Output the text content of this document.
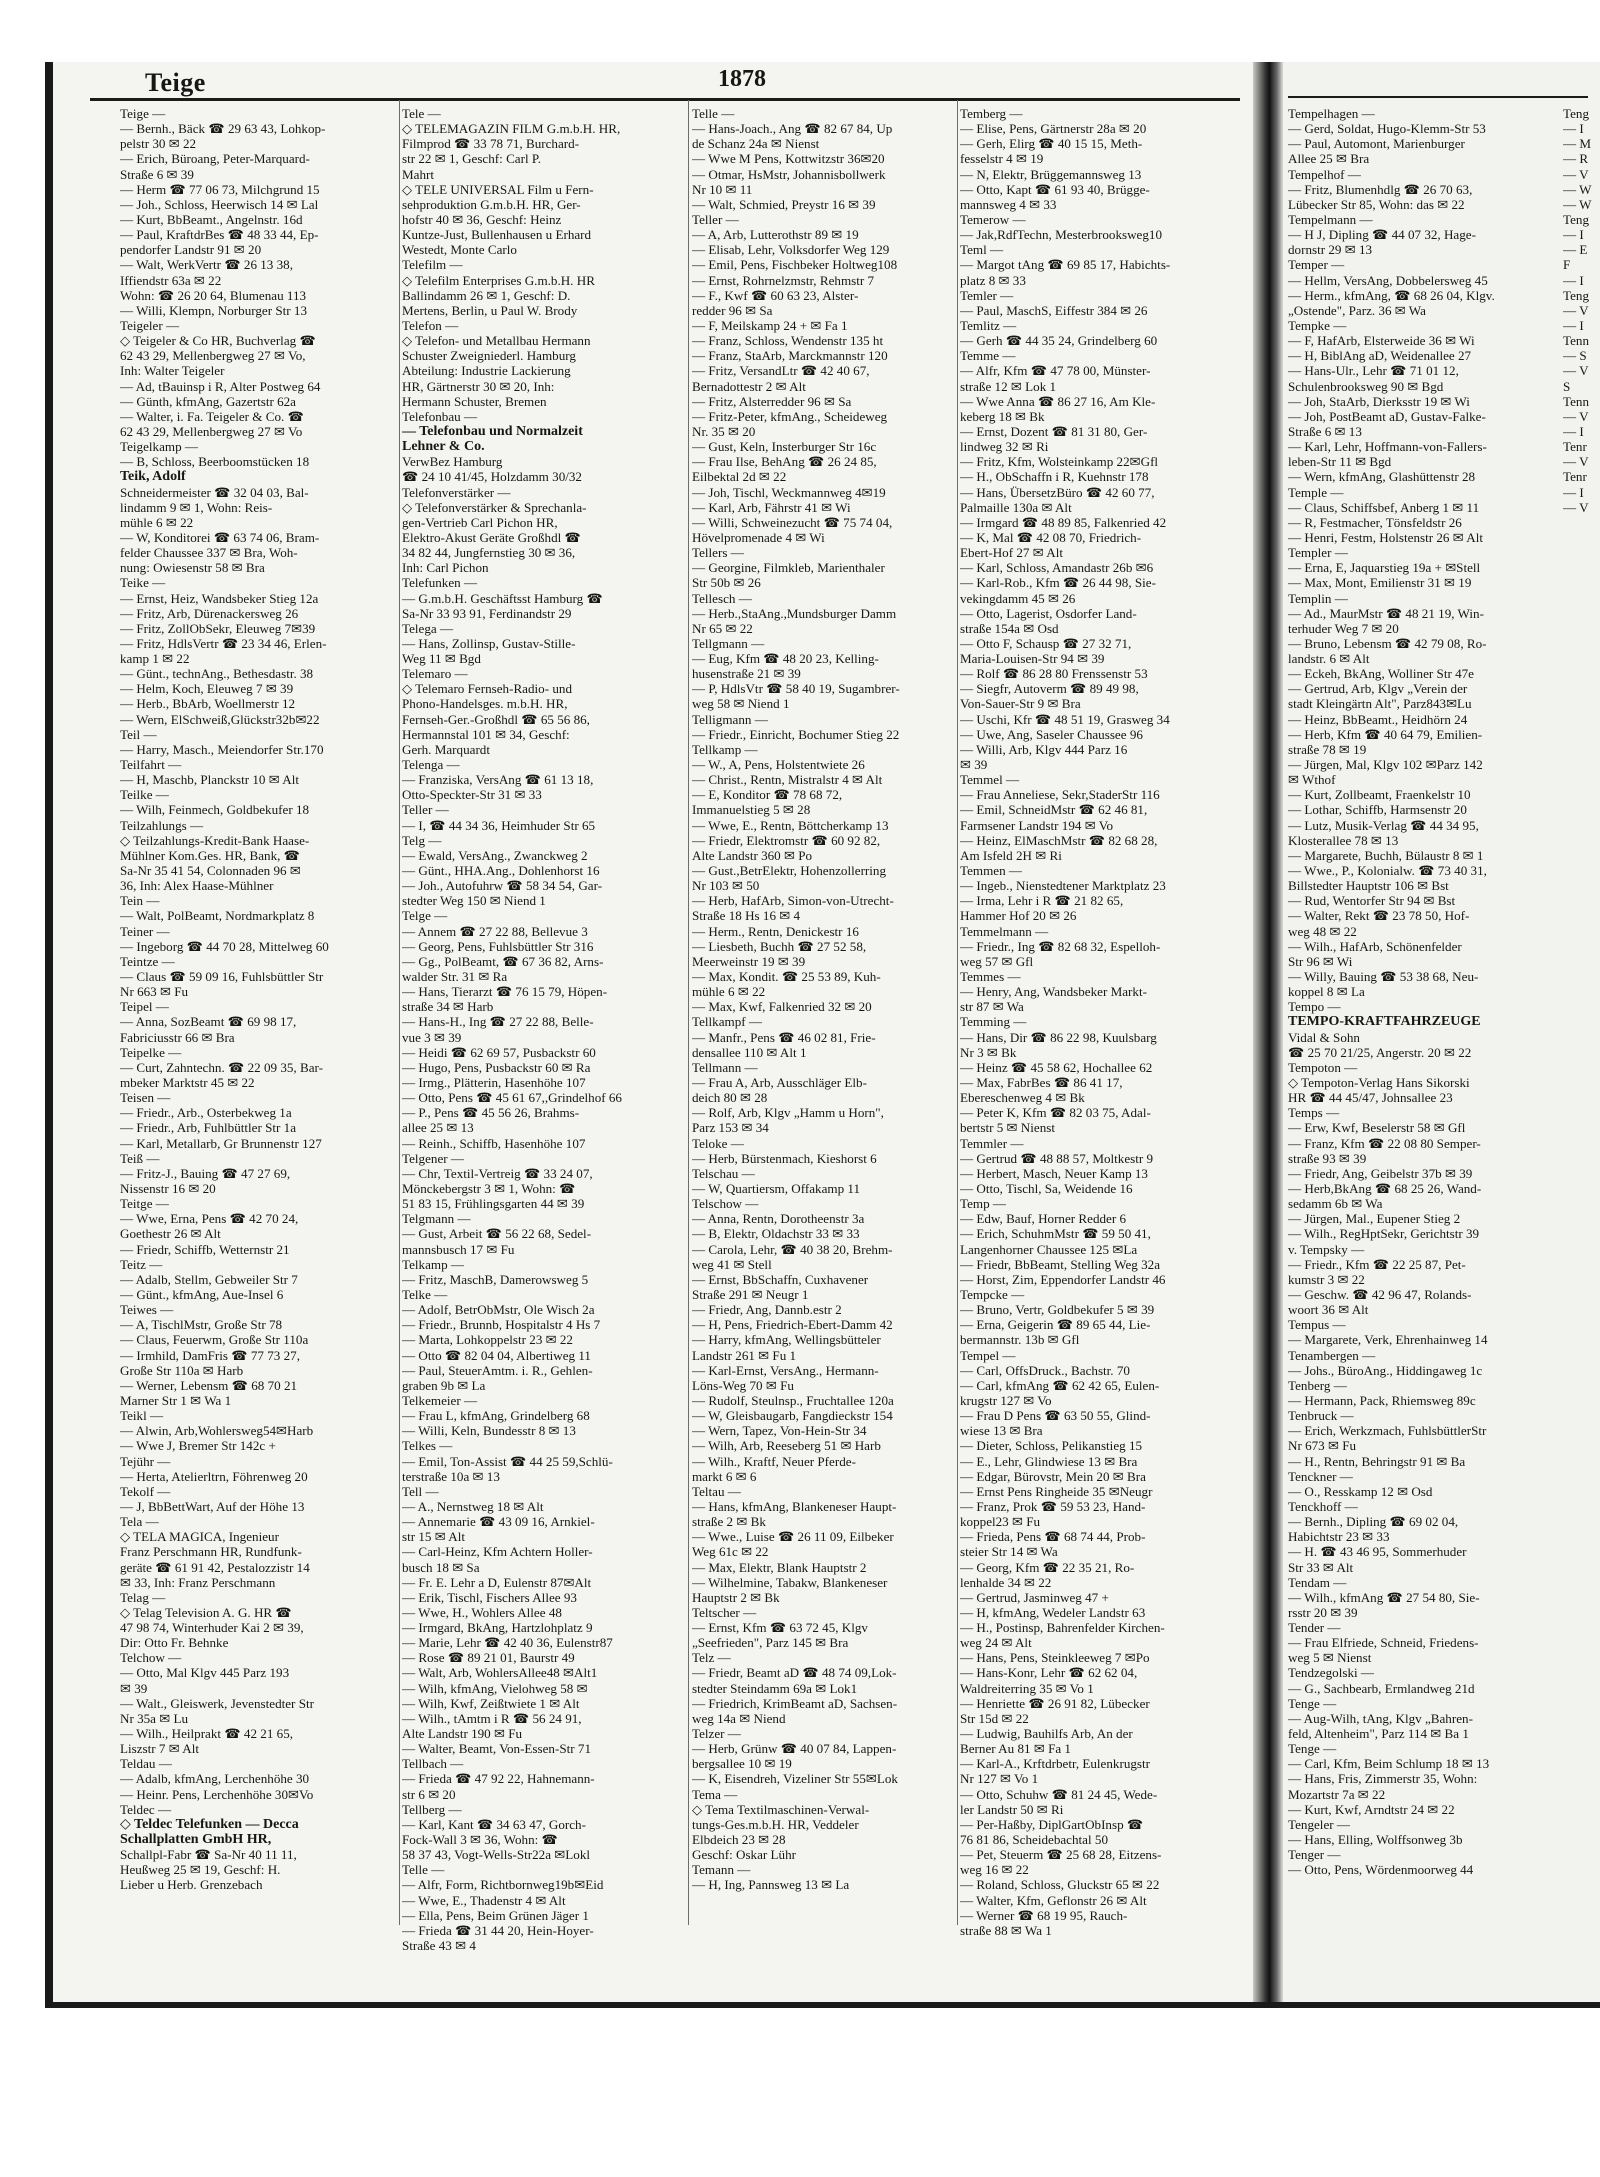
Teige	1878
Teige —
— Bernh., Bäck ☎ 29 63 43, Lohkop-
pelstr 30 ✉ 22
— Erich, Büroang, Peter-Marquard-
Straße 6 ✉ 39
— Herm ☎ 77 06 73, Milchgrund 15
— Joh., Schloss, Heerwisch 14 ✉ Lal
— Kurt, BbBeamt., Angelnstr. 16d
— Paul, KraftdrBes ☎ 48 33 44, Ep-
pendorfer Landstr 91 ✉ 20
— Walt, WerkVertr ☎ 26 13 38,
Iffiendstr 63a ✉ 22
Wohn: ☎ 26 20 64, Blumenau 113
— Willi, Klempn, Norburger Str 13
Teigeler —
◇ Teigeler & Co HR, Buchverlag ☎
62 43 29, Mellenbergweg 27 ✉ Vo,
Inh: Walter Teigeler
— Ad, tBauinsp i R, Alter Postweg 64
— Günth, kfmAng, Gazertstr 62a
— Walter, i. Fa. Teigeler & Co. ☎
62 43 29, Mellenbergweg 27 ✉ Vo
Teigelkamp —
— B, Schloss, Beerboomstücken 18
Teik, Adolf
Schneidermeister ☎ 32 04 03, Bal-
lindamm 9 ✉ 1, Wohn: Reis-
mühle 6 ✉ 22
— W, Konditorei ☎ 63 74 06, Bram-
felder Chaussee 337 ✉ Bra, Woh-
nung: Owiesenstr 58 ✉ Bra
Teike —
— Ernst, Heiz, Wandsbeker Stieg 12a
— Fritz, Arb, Dürenackersweg 26
— Fritz, ZollObSekr, Eleuweg 7✉39
— Fritz, HdlsVertr ☎ 23 34 46, Erlen-
kamp 1 ✉ 22
— Günt., technAng., Bethesdastr. 38
— Helm, Koch, Eleuweg 7 ✉ 39
— Herb., BbArb, Woellmerstr 12
— Wern, ElSchweiß,Glückstr32b✉22
Teil —
— Harry, Masch., Meiendorfer Str.170
Teilfahrt —
— H, Maschb, Planckstr 10 ✉ Alt
Teilke —
— Wilh, Feinmech, Goldbekufer 18
Teilzahlungs —
◇ Teilzahlungs-Kredit-Bank Haase-
Mühlner Kom.Ges. HR, Bank, ☎
Sa-Nr 35 41 54, Colonnaden 96 ✉
36, Inh: Alex Haase-Mühlner
Tein —
— Walt, PolBeamt, Nordmarkplatz 8
Teiner —
— Ingeborg ☎ 44 70 28, Mittelweg 60
Teintze —
— Claus ☎ 59 09 16, Fuhlsbüttler Str
Nr 663 ✉ Fu
Teipel —
— Anna, SozBeamt ☎ 69 98 17,
Fabriciusstr 66 ✉ Bra
Teipelke —
— Curt, Zahntechn. ☎ 22 09 35, Bar-
mbeker Marktstr 45 ✉ 22
Teisen —
— Friedr., Arb., Osterbekweg 1a
— Friedr., Arb, Fuhlbüttler Str 1a
— Karl, Metallarb, Gr Brunnenstr 127
Teiß —
— Fritz-J., Bauing ☎ 47 27 69,
Nissenstr 16 ✉ 20
Teitge —
— Wwe, Erna, Pens ☎ 42 70 24,
Goethestr 26 ✉ Alt
— Friedr, Schiffb, Wetternstr 21
Teitz —
— Adalb, Stellm, Gebweiler Str 7
— Günt., kfmAng, Aue-Insel 6
Teiwes —
— A, TischlMstr, Große Str 78
— Claus, Feuerwm, Große Str 110a
— Irmhild, DamFris ☎ 77 73 27,
Große Str 110a ✉ Harb
— Werner, Lebensm ☎ 68 70 21
Marner Str 1 ✉ Wa 1
Teikl —
— Alwin, Arb,Wohlersweg54✉Harb
— Wwe J, Bremer Str 142c +
Tejühr —
— Herta, Atelierltrn, Föhrenweg 20
Tekolf —
— J, BbBettWart, Auf der Höhe 13
Tela —
◇ TELA MAGICA, Ingenieur
Franz Perschmann HR, Rundfunk-
geräte ☎ 61 91 42, Pestalozzistr 14
✉ 33, Inh: Franz Perschmann
Telag —
◇ Telag Television A. G. HR ☎
47 98 74, Winterhuder Kai 2 ✉ 39,
Dir: Otto Fr. Behnke
Telchow —
— Otto, Mal Klgv 445 Parz 193
✉ 39
— Walt., Gleiswerk, Jevenstedter Str
Nr 35a ✉ Lu
— Wilh., Heilprakt ☎ 42 21 65,
Liszstr 7 ✉ Alt
Teldau —
— Adalb, kfmAng, Lerchenhöhe 30
— Heinr. Pens, Lerchenhöhe 30✉Vo
Teldec —
◇ Teldec Telefunken — Decca
Schallplatten GmbH HR,
Schallpl-Fabr ☎ Sa-Nr 40 11 11,
Heußweg 25 ✉ 19, Geschf: H.
Lieber u Herb. Grenzebach
Tele —
◇ TELEMAGAZIN FILM G.m.b.H. HR,
Filmprod ☎ 33 78 71, Burchard-
str 22 ✉ 1, Geschf: Carl P.
Mahrt
◇ TELE UNIVERSAL Film u Fern-
sehproduktion G.m.b.H. HR, Ger-
hofstr 40 ✉ 36, Geschf: Heinz
Kuntze-Just, Bullenhausen u Erhard
Westedt, Monte Carlo
Telefilm —
◇ Telefilm Enterprises G.m.b.H. HR
Ballindamm 26 ✉ 1, Geschf: D.
Mertens, Berlin, u Paul W. Brody
Telefon —
◇ Telefon- und Metallbau Hermann
Schuster Zweigniederl. Hamburg
Abteilung: Industrie Lackierung
HR, Gärtnerstr 30 ✉ 20, Inh:
Hermann Schuster, Bremen
Telefonbau —
— Telefonbau und Normalzeit
Lehner & Co.
VerwBez Hamburg
☎ 24 10 41/45, Holzdamm 30/32
Telefonverstärker —
◇ Telefonverstärker & Sprechanla-
gen-Vertrieb Carl Pichon HR,
Elektro-Akust Geräte Großhdl ☎
34 82 44, Jungfernstieg 30 ✉ 36,
Inh: Carl Pichon
Telefunken —
— G.m.b.H. Geschäftsst Hamburg ☎
Sa-Nr 33 93 91, Ferdinandstr 29
Telega —
— Hans, Zollinsp, Gustav-Stille-
Weg 11 ✉ Bgd
Telemaro —
◇ Telemaro Fernseh-Radio- und
Phono-Handelsges. m.b.H. HR,
Fernseh-Ger.-Großhdl ☎ 65 56 86,
Hermannstal 101 ✉ 34, Geschf:
Gerh. Marquardt
Telenga —
— Franziska, VersAng ☎ 61 13 18,
Otto-Speckter-Str 31 ✉ 33
Teller —
— I, ☎ 44 34 36, Heimhuder Str 65
Telg —
— Ewald, VersAng., Zwanckweg 2
— Günt., HHA.Ang., Dohlenhorst 16
— Joh., Autofuhrw ☎ 58 34 54, Gar-
stedter Weg 150 ✉ Niend 1
Telge —
— Annem ☎ 27 22 88, Bellevue 3
— Georg, Pens, Fuhlsbüttler Str 316
— Gg., PolBeamt, ☎ 67 36 82, Arns-
walder Str. 31 ✉ Ra
— Hans, Tierarzt ☎ 76 15 79, Höpen-
straße 34 ✉ Harb
— Hans-H., Ing ☎ 27 22 88, Belle-
vue 3 ✉ 39
— Heidi ☎ 62 69 57, Pusbackstr 60
— Hugo, Pens, Pusbackstr 60 ✉ Ra
— Irmg., Plätterin, Hasenhöhe 107
— Otto, Pens ☎ 45 61 67,,Grindelhof 66
— P., Pens ☎ 45 56 26, Brahms-
allee 25 ✉ 13
— Reinh., Schiffb, Hasenhöhe 107
Telgener —
— Chr, Textil-Vertreig ☎ 33 24 07,
Mönckebergstr 3 ✉ 1, Wohn: ☎
51 83 15, Frühlingsgarten 44 ✉ 39
Telgmann —
— Gust, Arbeit ☎ 56 22 68, Sedel-
mannsbusch 17 ✉ Fu
Telkamp —
— Fritz, MaschB, Damerowsweg 5
Telke —
— Adolf, BetrObMstr, Ole Wisch 2a
— Friedr., Brunnb, Hospitalstr 4 Hs 7
— Marta, Lohkoppelstr 23 ✉ 22
— Otto ☎ 82 04 04, Albertiweg 11
— Paul, SteuerAmtm. i. R., Gehlen-
graben 9b ✉ La
Telkemeier —
— Frau L, kfmAng, Grindelberg 68
— Willi, Keln, Bundesstr 8 ✉ 13
Telkes —
— Emil, Ton-Assist ☎ 44 25 59,Schlü-
terstraße 10a ✉ 13
Tell —
— A., Nernstweg 18 ✉ Alt
— Annemarie ☎ 43 09 16, Arnkiel-
str 15 ✉ Alt
— Carl-Heinz, Kfm Achtern Holler-
busch 18 ✉ Sa
— Fr. E. Lehr a D, Eulenstr 87✉Alt
— Erik, Tischl, Fischers Allee 93
— Wwe, H., Wohlers Allee 48
— Irmgard, BkAng, Hartzlohplatz 9
— Marie, Lehr ☎ 42 40 36, Eulenstr87
— Rose ☎ 89 21 01, Baurstr 49
— Walt, Arb, WohlersAllee48 ✉Alt1
— Wilh, kfmAng, Vielohweg 58 ✉
— Wilh, Kwf, Zeißtwiete 1 ✉ Alt
— Wilh., tAmtm i R ☎ 56 24 91,
Alte Landstr 190 ✉ Fu
— Walter, Beamt, Von-Essen-Str 71
Tellbach —
— Frieda ☎ 47 92 22, Hahnemann-
str 6 ✉ 20
Tellberg —
— Karl, Kant ☎ 34 63 47, Gorch-
Fock-Wall 3 ✉ 36, Wohn: ☎
58 37 43, Vogt-Wells-Str22a ✉Lokl
Telle —
— Alfr, Form, Richtbornweg19b✉Eid
— Wwe, E., Thadenstr 4 ✉ Alt
— Ella, Pens, Beim Grünen Jäger 1
— Frieda ☎ 31 44 20, Hein-Hoyer-
Straße 43 ✉ 4
Telle —
— Hans-Joach., Ang ☎ 82 67 84, Up
de Schanz 24a ✉ Nienst
— Wwe M Pens, Kottwitzstr 36✉20
— Otmar, HsMstr, Johannisbollwerk
Nr 10 ✉ 11
— Walt, Schmied, Preystr 16 ✉ 39
Teller —
— A, Arb, Lutterothstr 89 ✉ 19
— Elisab, Lehr, Volksdorfer Weg 129
— Emil, Pens, Fischbeker Holtweg108
— Ernst, Rohrnelzmstr, Rehmstr 7
— F., Kwf ☎ 60 63 23, Alster-
redder 96 ✉ Sa
— F, Meilskamp 24 + ✉ Fa 1
— Franz, Schloss, Wendenstr 135 ht
— Franz, StaArb, Marckmannstr 120
— Fritz, VersandLtr ☎ 42 40 67,
Bernadottestr 2 ✉ Alt
— Fritz, Alsterredder 96 ✉ Sa
— Fritz-Peter, kfmAng., Scheideweg
Nr. 35 ✉ 20
— Gust, Keln, Insterburger Str 16c
— Frau Ilse, BehAng ☎ 26 24 85,
Eilbektal 2d ✉ 22
— Joh, Tischl, Weckmannweg 4✉19
— Karl, Arb, Fährstr 41 ✉ Wi
— Willi, Schweinezucht ☎ 75 74 04,
Hövelpromenade 4 ✉ Wi
Tellers —
— Georgine, Filmkleb, Marienthaler
Str 50b ✉ 26
Tellesch —
— Herb.,StaAng.,Mundsburger Damm
Nr 65 ✉ 22
Tellgmann —
— Eug, Kfm ☎ 48 20 23, Kelling-
husenstraße 21 ✉ 39
— P, HdlsVtr ☎ 58 40 19, Sugambrer-
weg 58 ✉ Niend 1
Telligmann —
— Friedr., Einricht, Bochumer Stieg 22
Tellkamp —
— W., A, Pens, Holstentwiete 26
— Christ., Rentn, Mistralstr 4 ✉ Alt
— E, Konditor ☎ 78 68 72,
Immanuelstieg 5 ✉ 28
— Wwe, E., Rentn, Böttcherkamp 13
— Friedr, Elektromstr ☎ 60 92 82,
Alte Landstr 360 ✉ Po
— Gust.,BetrElektr, Hohenzollerring
Nr 103 ✉ 50
— Herb, HafArb, Simon-von-Utrecht-
Straße 18 Hs 16 ✉ 4
— Herm., Rentn, Denickestr 16
— Liesbeth, Buchh ☎ 27 52 58,
Meerweinstr 19 ✉ 39
— Max, Kondit. ☎ 25 53 89, Kuh-
mühle 6 ✉ 22
— Max, Kwf, Falkenried 32 ✉ 20
Tellkampf —
— Manfr., Pens ☎ 46 02 81, Frie-
densallee 110 ✉ Alt 1
Tellmann —
— Frau A, Arb, Ausschläger Elb-
deich 80 ✉ 28
— Rolf, Arb, Klgv „Hamm u Horn",
Parz 153 ✉ 34
Teloke —
— Herb, Bürstenmach, Kieshorst 6
Telschau —
— W, Quartiersm, Offakamp 11
Telschow —
— Anna, Rentn, Dorotheenstr 3a
— B, Elektr, Oldachstr 33 ✉ 33
— Carola, Lehr, ☎ 40 38 20, Brehm-
weg 41 ✉ Stell
— Ernst, BbSchaffn, Cuxhavener
Straße 291 ✉ Neugr 1
— Friedr, Ang, Dannb.estr 2
— H, Pens, Friedrich-Ebert-Damm 42
— Harry, kfmAng, Wellingsbütteler
Landstr 261 ✉ Fu 1
— Karl-Ernst, VersAng., Hermann-
Löns-Weg 70 ✉ Fu
— Rudolf, Steulnsp., Fruchtallee 120a
— W, Gleisbaugarb, Fangdieckstr 154
— Wern, Tapez, Von-Hein-Str 34
— Wilh, Arb, Reeseberg 51 ✉ Harb
— Wilh., Kraftf, Neuer Pferde-
markt 6 ✉ 6
Teltau —
— Hans, kfmAng, Blankeneser Haupt-
straße 2 ✉ Bk
— Wwe., Luise ☎ 26 11 09, Eilbeker
Weg 61c ✉ 22
— Max, Elektr, Blank Hauptstr 2
— Wilhelmine, Tabakw, Blankeneser
Hauptstr 2 ✉ Bk
Teltscher —
— Ernst, Kfm ☎ 63 72 45, Klgv
„Seefrieden", Parz 145 ✉ Bra
Telz —
— Friedr, Beamt aD ☎ 48 74 09,Lok-
stedter Steindamm 69a ✉ Lok1
— Friedrich, KrimBeamt aD, Sachsen-
weg 14a ✉ Niend
Telzer —
— Herb, Grünw ☎ 40 07 84, Lappen-
bergsallee 10 ✉ 19
— K, Eisendreh, Vizeliner Str 55✉Lok
Tema —
◇ Tema Textilmaschinen-Verwal-
tungs-Ges.m.b.H. HR, Veddeler
Elbdeich 23 ✉ 28
Geschf: Oskar Lühr
Temann —
— H, Ing, Pannsweg 13 ✉ La
Temberg —
— Elise, Pens, Gärtnerstr 28a ✉ 20
— Gerh, Elirg ☎ 40 15 15, Meth-
fesselstr 4 ✉ 19
— N, Elektr, Brüggemannsweg 13
— Otto, Kapt ☎ 61 93 40, Brügge-
mannsweg 4 ✉ 33
Temerow —
— Jak,RdfTechn, Mesterbrooksweg10
Teml —
— Margot tAng ☎ 69 85 17, Habichts-
platz 8 ✉ 33
Temler —
— Paul, MaschS, Eiffestr 384 ✉ 26
Temlitz —
— Gerh ☎ 44 35 24, Grindelberg 60
Temme —
— Alfr, Kfm ☎ 47 78 00, Münster-
straße 12 ✉ Lok 1
— Wwe Anna ☎ 86 27 16, Am Kle-
keberg 18 ✉ Bk
— Ernst, Dozent ☎ 81 31 80, Ger-
lindweg 32 ✉ Ri
— Fritz, Kfm, Wolsteinkamp 22✉Gfl
— H., ObSchaffn i R, Kuehnstr 178
— Hans, ÜbersetzBüro ☎ 42 60 77,
Palmaille 130a ✉ Alt
— Irmgard ☎ 48 89 85, Falkenried 42
— K, Mal ☎ 42 08 70, Friedrich-
Ebert-Hof 27 ✉ Alt
— Karl, Schloss, Amandastr 26b ✉6
— Karl-Rob., Kfm ☎ 26 44 98, Sie-
vekingdamm 45 ✉ 26
— Otto, Lagerist, Osdorfer Land-
straße 154a ✉ Osd
— Otto F, Schausp ☎ 27 32 71,
Maria-Louisen-Str 94 ✉ 39
— Rolf ☎ 86 28 80 Frenssenstr 53
— Siegfr, Autoverm ☎ 89 49 98,
Von-Sauer-Str 9 ✉ Bra
— Uschi, Kfr ☎ 48 51 19, Grasweg 34
— Uwe, Ang, Saseler Chaussee 96
— Willi, Arb, Klgv 444 Parz 16
✉ 39
Temmel —
— Frau Anneliese, Sekr,StaderStr 116
— Emil, SchneidMstr ☎ 62 46 81,
Farmsener Landstr 194 ✉ Vo
— Heinz, ElMaschMstr ☎ 82 68 28,
Am Isfeld 2H ✉ Ri
Temmen —
— Ingeb., Nienstedtener Marktplatz 23
— Irma, Lehr i R ☎ 21 82 65,
Hammer Hof 20 ✉ 26
Temmelmann —
— Friedr., Ing ☎ 82 68 32, Espelloh-
weg 57 ✉ Gfl
Temmes —
— Henry, Ang, Wandsbeker Markt-
str 87 ✉ Wa
Temming —
— Hans, Dir ☎ 86 22 98, Kuulsbarg
Nr 3 ✉ Bk
— Heinz ☎ 45 58 62, Hochallee 62
— Max, FabrBes ☎ 86 41 17,
Ebereschenweg 4 ✉ Bk
— Peter K, Kfm ☎ 82 03 75, Adal-
bertstr 5 ✉ Nienst
Temmler —
— Gertrud ☎ 48 88 57, Moltkestr 9
— Herbert, Masch, Neuer Kamp 13
— Otto, Tischl, Sa, Weidende 16
Temp —
— Edw, Bauf, Horner Redder 6
— Erich, SchuhmMstr ☎ 59 50 41,
Langenhorner Chaussee 125 ✉La
— Friedr, BbBeamt, Stelling Weg 32a
— Horst, Zim, Eppendorfer Landstr 46
Tempcke —
— Bruno, Vertr, Goldbekufer 5 ✉ 39
— Erna, Geigerin ☎ 89 65 44, Lie-
bermannstr. 13b ✉ Gfl
Tempel —
— Carl, OffsDruck., Bachstr. 70
— Carl, kfmAng ☎ 62 42 65, Eulen-
krugstr 127 ✉ Vo
— Frau D Pens ☎ 63 50 55, Glind-
wiese 13 ✉ Bra
— Dieter, Schloss, Pelikanstieg 15
— E., Lehr, Glindwiese 13 ✉ Bra
— Edgar, Bürovstr, Mein 20 ✉ Bra
— Ernst Pens Ringheide 35 ✉Neugr
— Franz, Prok ☎ 59 53 23, Hand-
koppel23 ✉ Fu
— Frieda, Pens ☎ 68 74 44, Prob-
steier Str 14 ✉ Wa
— Georg, Kfm ☎ 22 35 21, Ro-
lenhalde 34 ✉ 22
— Gertrud, Jasminweg 47 +
— H, kfmAng, Wedeler Landstr 63
— H., Postinsp, Bahrenfelder Kirchen-
weg 24 ✉ Alt
— Hans, Pens, Steinkleeweg 7 ✉Po
— Hans-Konr, Lehr ☎ 62 62 04,
Waldreiterring 35 ✉ Vo 1
— Henriette ☎ 26 91 82, Lübecker
Str 15d ✉ 22
— Ludwig, Bauhilfs Arb, An der
Berner Au 81 ✉ Fa 1
— Karl-A., Krftdrbetr, Eulenkrugstr
Nr 127 ✉ Vo 1
— Otto, Schuhw ☎ 81 24 45, Wede-
ler Landstr 50 ✉ Ri
— Per-Haßby, DiplGartObInsp ☎
76 81 86, Scheidebachtal 50
— Pet, Steuerm ☎ 25 68 28, Eitzens-
weg 16 ✉ 22
— Roland, Schloss, Gluckstr 65 ✉ 22
— Walter, Kfm, Geflonstr 26 ✉ Alt
— Werner ☎ 68 19 95, Rauch-
straße 88 ✉ Wa 1
Tempelhagen —
— Gerd, Soldat, Hugo-Klemm-Str 53
— Paul, Automont, Marienburger
Allee 25 ✉ Bra
Tempelhof —
— Fritz, Blumenhdlg ☎ 26 70 63,
Lübecker Str 85, Wohn: das ✉ 22
Tempelmann —
— H J, Dipling ☎ 44 07 32, Hage-
dornstr 29 ✉ 13
Temper —
— Hellm, VersAng, Dobbelersweg 45
— Herm., kfmAng, ☎ 68 26 04, Klgv.
„Ostende", Parz. 36 ✉ Wa
Tempke —
— F, HafArb, Elsterweide 36 ✉ Wi
— H, BiblAng aD, Weidenallee 27
— Hans-Ulr., Lehr ☎ 71 01 12,
Schulenbrooksweg 90 ✉ Bgd
— Joh, StaArb, Dierksstr 19 ✉ Wi
— Joh, PostBeamt aD, Gustav-Falke-
Straße 6 ✉ 13
— Karl, Lehr, Hoffmann-von-Fallers-
leben-Str 11 ✉ Bgd
— Wern, kfmAng, Glashüttenstr 28
Temple —
— Claus, Schiffsbef, Anberg 1 ✉ 11
— R, Festmacher, Tönsfeldstr 26
— Henri, Festm, Holstenstr 26 ✉ Alt
Templer —
— Erna, E, Jaquarstieg 19a + ✉Stell
— Max, Mont, Emilienstr 31 ✉ 19
Templin —
— Ad., MaurMstr ☎ 48 21 19, Win-
terhuder Weg 7 ✉ 20
— Bruno, Lebensm ☎ 42 79 08, Ro-
landstr. 6 ✉ Alt
— Eckeh, BkAng, Wolliner Str 47e
— Gertrud, Arb, Klgv „Verein der
stadt Kleingärtn Alt", Parz843✉Lu
— Heinz, BbBeamt., Heidhörn 24
— Herb, Kfm ☎ 40 64 79, Emilien-
straße 78 ✉ 19
— Jürgen, Mal, Klgv 102 ✉Parz 142
✉ Wthof
— Kurt, Zollbeamt, Fraenkelstr 10
— Lothar, Schiffb, Harmsenstr 20
— Lutz, Musik-Verlag ☎ 44 34 95,
Klosterallee 78 ✉ 13
— Margarete, Buchh, Bülaustr 8 ✉ 1
— Wwe., P., Kolonialw. ☎ 73 40 31,
Billstedter Hauptstr 106 ✉ Bst
— Rud, Wentorfer Str 94 ✉ Bst
— Walter, Rekt ☎ 23 78 50, Hof-
weg 48 ✉ 22
— Wilh., HafArb, Schönenfelder
Str 96 ✉ Wi
— Willy, Bauing ☎ 53 38 68, Neu-
koppel 8 ✉ La
Tempo —
TEMPO-KRAFTFAHRZEUGE
Vidal & Sohn
☎ 25 70 21/25, Angerstr. 20 ✉ 22
Tempoton —
◇ Tempoton-Verlag Hans Sikorski
HR ☎ 44 45/47, Johnsallee 23
Temps —
— Erw, Kwf, Beselerstr 58 ✉ Gfl
— Franz, Kfm ☎ 22 08 80 Semper-
straße 93 ✉ 39
— Friedr, Ang, Geibelstr 37b ✉ 39
— Herb,BkAng ☎ 68 25 26, Wand-
sedamm 6b ✉ Wa
— Jürgen, Mal., Eupener Stieg 2
— Wilh., RegHptSekr, Gerichtstr 39
v. Tempsky —
— Friedr., Kfm ☎ 22 25 87, Pet-
kumstr 3 ✉ 22
— Geschw. ☎ 42 96 47, Rolands-
woort 36 ✉ Alt
Tempus —
— Margarete, Verk, Ehrenhainweg 14
Tenambergen —
— Johs., BüroAng., Hiddingaweg 1c
Tenberg —
— Hermann, Pack, Rhiemsweg 89c
Tenbruck —
— Erich, Werkzmach, FuhlsbüttlerStr
Nr 673 ✉ Fu
— H., Rentn, Behringstr 91 ✉ Ba
Tenckner —
— O., Resskamp 12 ✉ Osd
Tenckhoff —
— Bernh., Dipling ☎ 69 02 04,
Habichtstr 23 ✉ 33
— H. ☎ 43 46 95, Sommerhuder
Str 33 ✉ Alt
Tendam —
— Wilh., kfmAng ☎ 27 54 80, Sie-
rsstr 20 ✉ 39
Tender —
— Frau Elfriede, Schneid, Friedens-
weg 5 ✉ Nienst
Tendzegolski —
— G., Sachbearb, Ermlandweg 21d
Tenge —
— Aug-Wilh, tAng, Klgv „Bahren-
feld, Altenheim", Parz 114 ✉ Ba 1
Tenge —
— Carl, Kfm, Beim Schlump 18 ✉ 13
— Hans, Fris, Zimmerstr 35, Wohn:
Mozartstr 7a ✉ 22
— Kurt, Kwf, Arndtstr 24 ✉ 22
Tengeler —
— Hans, Elling, Wolffsonweg 3b
Tenger —
— Otto, Pens, Wördenmoorweg 44
Teng
— I
— M
— R
— V
— W
— W
Teng
— I
— E
F
— I
Teng
— V
— I
Tenn
— S
— V
S
Tenn
— V
— I
Tenr
— V
Tenr
— I
— V
